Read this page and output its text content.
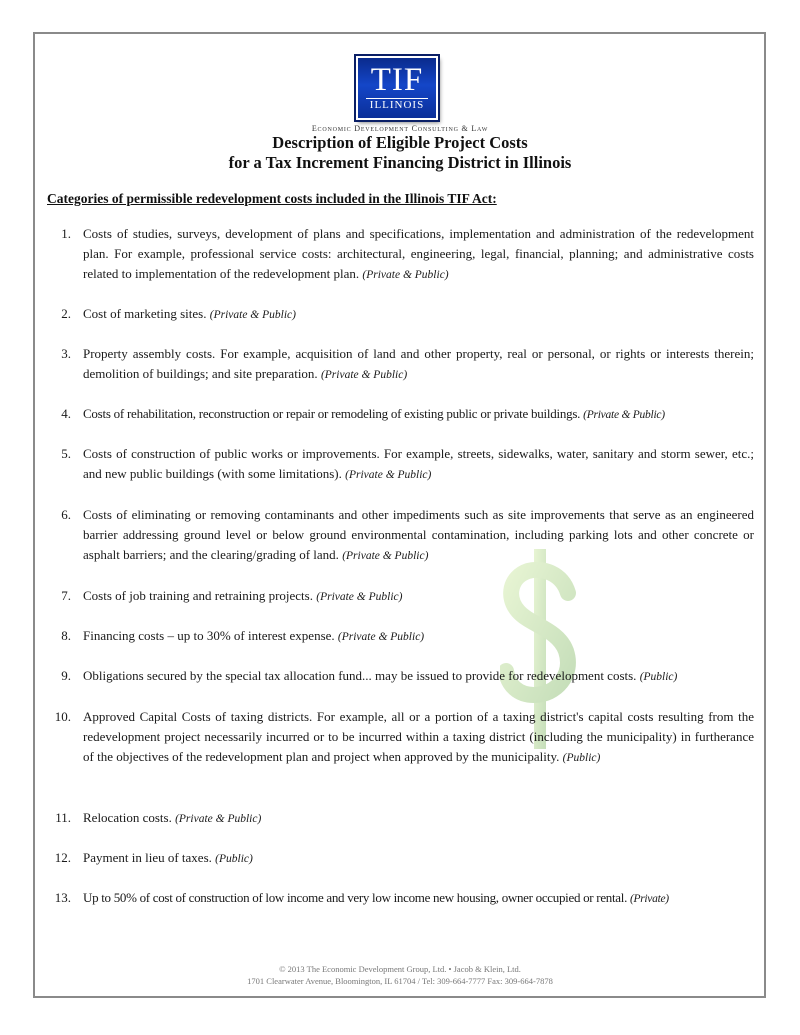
TIF
ILLINOIS
Economic Development Consulting & Law
Description of Eligible Project Costs
for a Tax Increment Financing District in Illinois
Categories of permissible redevelopment costs included in the Illinois TIF Act:
1. Costs of studies, surveys, development of plans and specifications, implementation and administration of the redevelopment plan. For example, professional service costs: architectural, engineering, legal, financial, planning; and administrative costs related to implementation of the redevelopment plan. (Private & Public)
2. Cost of marketing sites. (Private & Public)
3. Property assembly costs. For example, acquisition of land and other property, real or personal, or rights or interests therein; demolition of buildings; and site preparation. (Private & Public)
4. Costs of rehabilitation, reconstruction or repair or remodeling of existing public or private buildings. (Private & Public)
5. Costs of construction of public works or improvements. For example, streets, sidewalks, water, sanitary and storm sewer, etc.; and new public buildings (with some limitations). (Private & Public)
6. Costs of eliminating or removing contaminants and other impediments such as site improvements that serve as an engineered barrier addressing ground level or below ground environmental contamination, including parking lots and other concrete or asphalt barriers; and the clearing/grading of land. (Private & Public)
7. Costs of job training and retraining projects. (Private & Public)
8. Financing costs – up to 30% of interest expense. (Private & Public)
9. Obligations secured by the special tax allocation fund... may be issued to provide for redevelopment costs. (Public)
10. Approved Capital Costs of taxing districts. For example, all or a portion of a taxing district's capital costs resulting from the redevelopment project necessarily incurred or to be incurred within a taxing district (including the municipality) in furtherance of the objectives of the redevelopment plan and project when approved by the municipality. (Public)
11. Relocation costs. (Private & Public)
12. Payment in lieu of taxes. (Public)
13. Up to 50% of cost of construction of low income and very low income new housing, owner occupied or rental. (Private)
© 2013 The Economic Development Group, Ltd. • Jacob & Klein, Ltd.
1701 Clearwater Avenue, Bloomington, IL 61704 / Tel: 309-664-7777 Fax: 309-664-7878
